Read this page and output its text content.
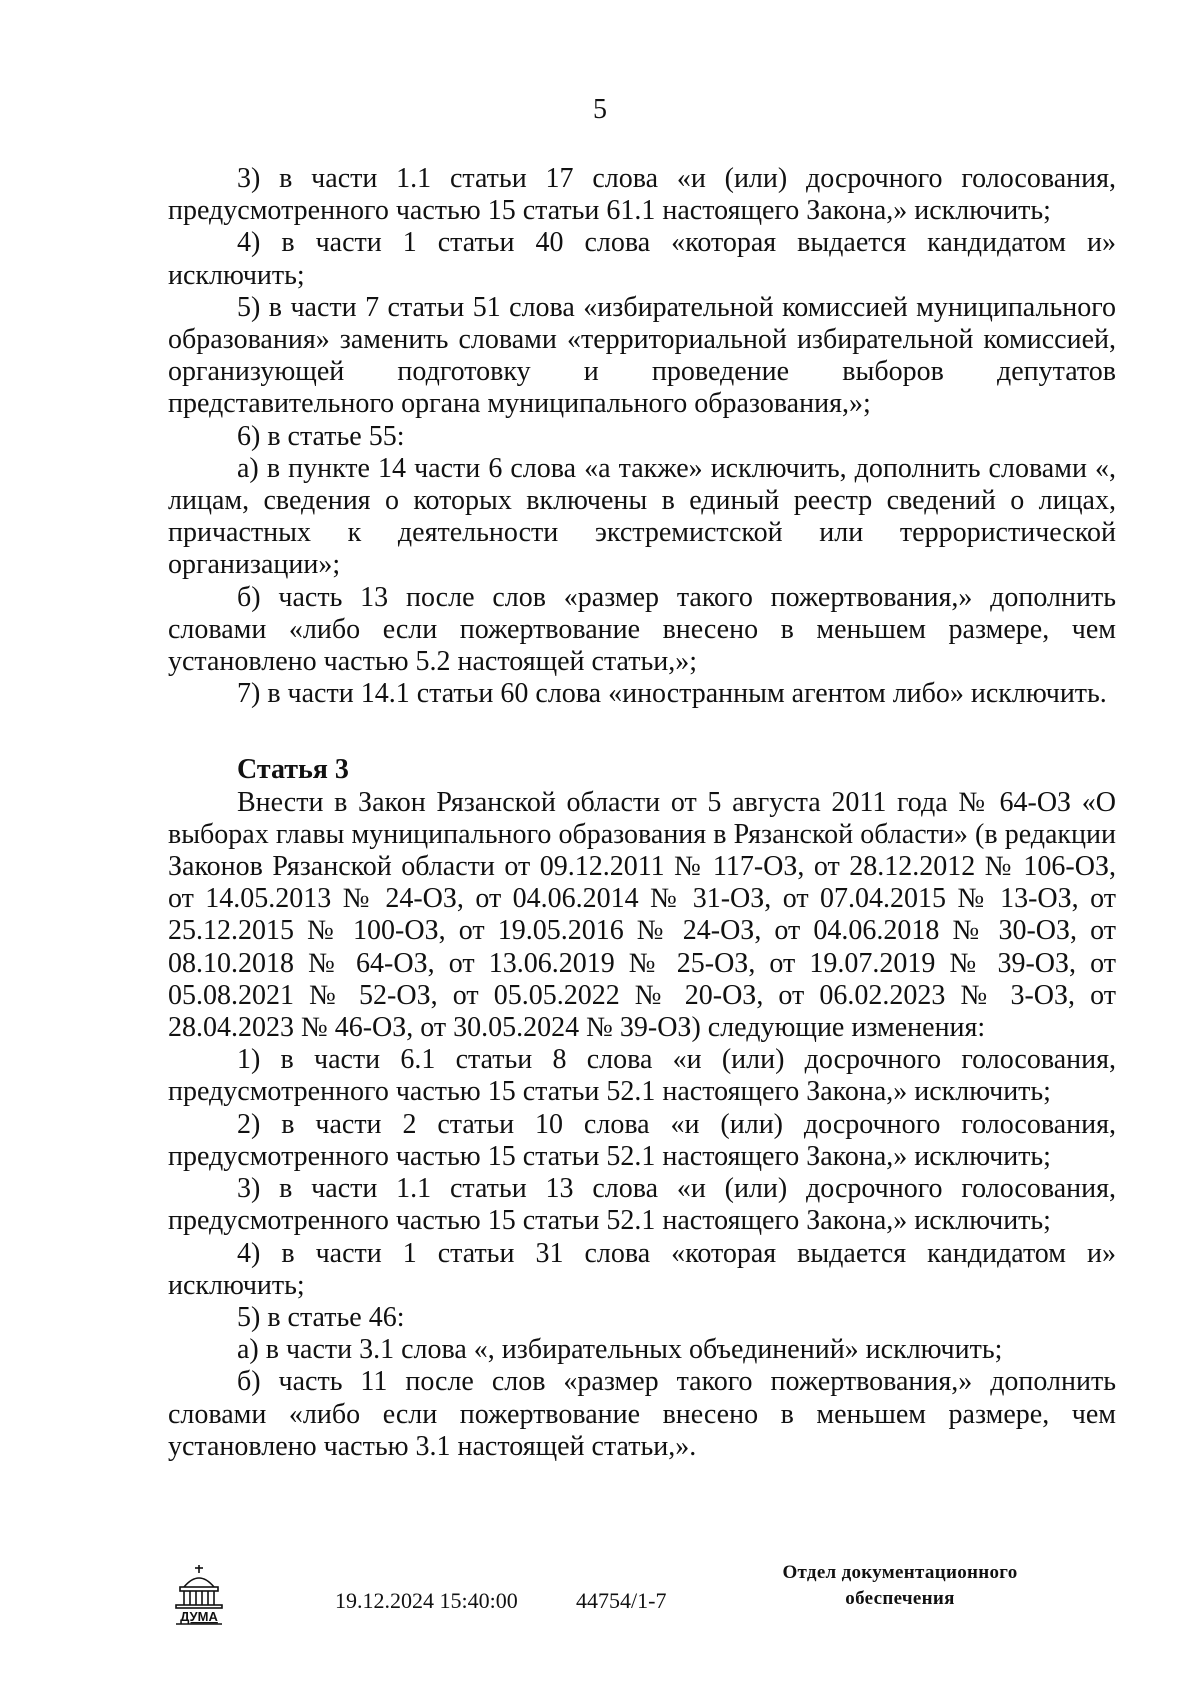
5

3) в части 1.1 статьи 17 слова «и (или) досрочного голосования, предусмотренного частью 15 статьи 61.1 настоящего Закона,» исключить;

4) в части 1 статьи 40 слова «которая выдается кандидатом и» исключить;

5) в части 7 статьи 51 слова «избирательной комиссией муниципального образования» заменить словами «территориальной избирательной комиссией, организующей подготовку и проведение выборов депутатов представительного органа муниципального образования,»;

6) в статье 55:

а) в пункте 14 части 6 слова «а также» исключить, дополнить словами «, лицам, сведения о которых включены в единый реестр сведений о лицах, причастных к деятельности экстремистской или террористической организации»;

б) часть 13 после слов «размер такого пожертвования,» дополнить словами «либо если пожертвование внесено в меньшем размере, чем установлено частью 5.2 настоящей статьи,»;

7) в части 14.1 статьи 60 слова «иностранным агентом либо» исключить.

Статья 3

Внести в Закон Рязанской области от 5 августа 2011 года № 64-ОЗ «О выборах главы муниципального образования в Рязанской области» (в редакции Законов Рязанской области от 09.12.2011 № 117-ОЗ, от 28.12.2012 № 106-ОЗ, от 14.05.2013 № 24-ОЗ, от 04.06.2014 № 31-ОЗ, от 07.04.2015 № 13-ОЗ, от 25.12.2015 № 100-ОЗ, от 19.05.2016 № 24-ОЗ, от 04.06.2018 № 30-ОЗ, от 08.10.2018 № 64-ОЗ, от 13.06.2019 № 25-ОЗ, от 19.07.2019 № 39-ОЗ, от 05.08.2021 № 52-ОЗ, от 05.05.2022 № 20-ОЗ, от 06.02.2023 № 3-ОЗ, от 28.04.2023 № 46-ОЗ, от 30.05.2024 № 39-ОЗ) следующие изменения:

1) в части 6.1 статьи 8 слова «и (или) досрочного голосования, предусмотренного частью 15 статьи 52.1 настоящего Закона,» исключить;

2) в части 2 статьи 10 слова «и (или) досрочного голосования, предусмотренного частью 15 статьи 52.1 настоящего Закона,» исключить;

3) в части 1.1 статьи 13 слова «и (или) досрочного голосования, предусмотренного частью 15 статьи 52.1 настоящего Закона,» исключить;

4) в части 1 статьи 31 слова «которая выдается кандидатом и» исключить;

5) в статье 46:

а) в части 3.1 слова «, избирательных объединений» исключить;

б) часть 11 после слов «размер такого пожертвования,» дополнить словами «либо если пожертвование внесено в меньшем размере, чем установлено частью 3.1 настоящей статьи,».

ДУМА
19.12.2024 15:40:00	44754/1-7
Отдел документационного
обеспечения
